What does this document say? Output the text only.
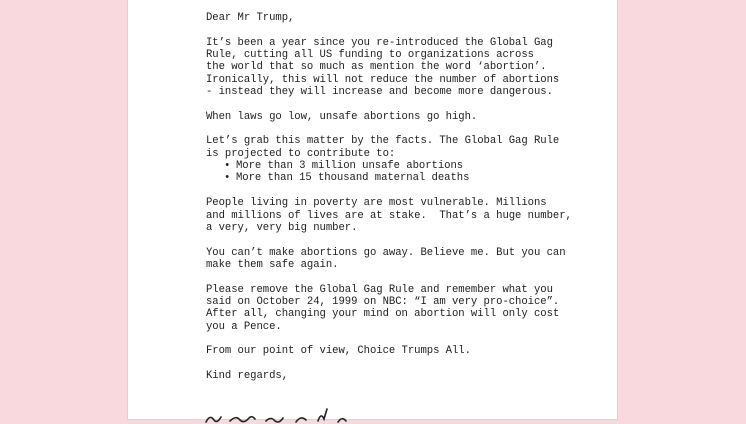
Dear Mr Trump,

It’s been a year since you re-introduced the Global Gag
Rule, cutting all US funding to organizations across
the world that so much as mention the word ‘abortion’.
Ironically, this will not reduce the number of abortions
- instead they will increase and become more dangerous.

When laws go low, unsafe abortions go high.

Let’s grab this matter by the facts. The Global Gag Rule
is projected to contribute to:

• More than 3 million unsafe abortions
• More than 15 thousand maternal deaths

People living in poverty are most vulnerable. Millions
and millions of lives are at stake.  That’s a huge number,
a very, very big number.

You can’t make abortions go away. Believe me. But you can
make them safe again.

Please remove the Global Gag Rule and remember what you
said on October 24, 1999 on NBC: “I am very pro-choice”.
After all, changing your mind on abortion will only cost
you a Pence.

From our point of view, Choice Trumps All.

Kind regards,
